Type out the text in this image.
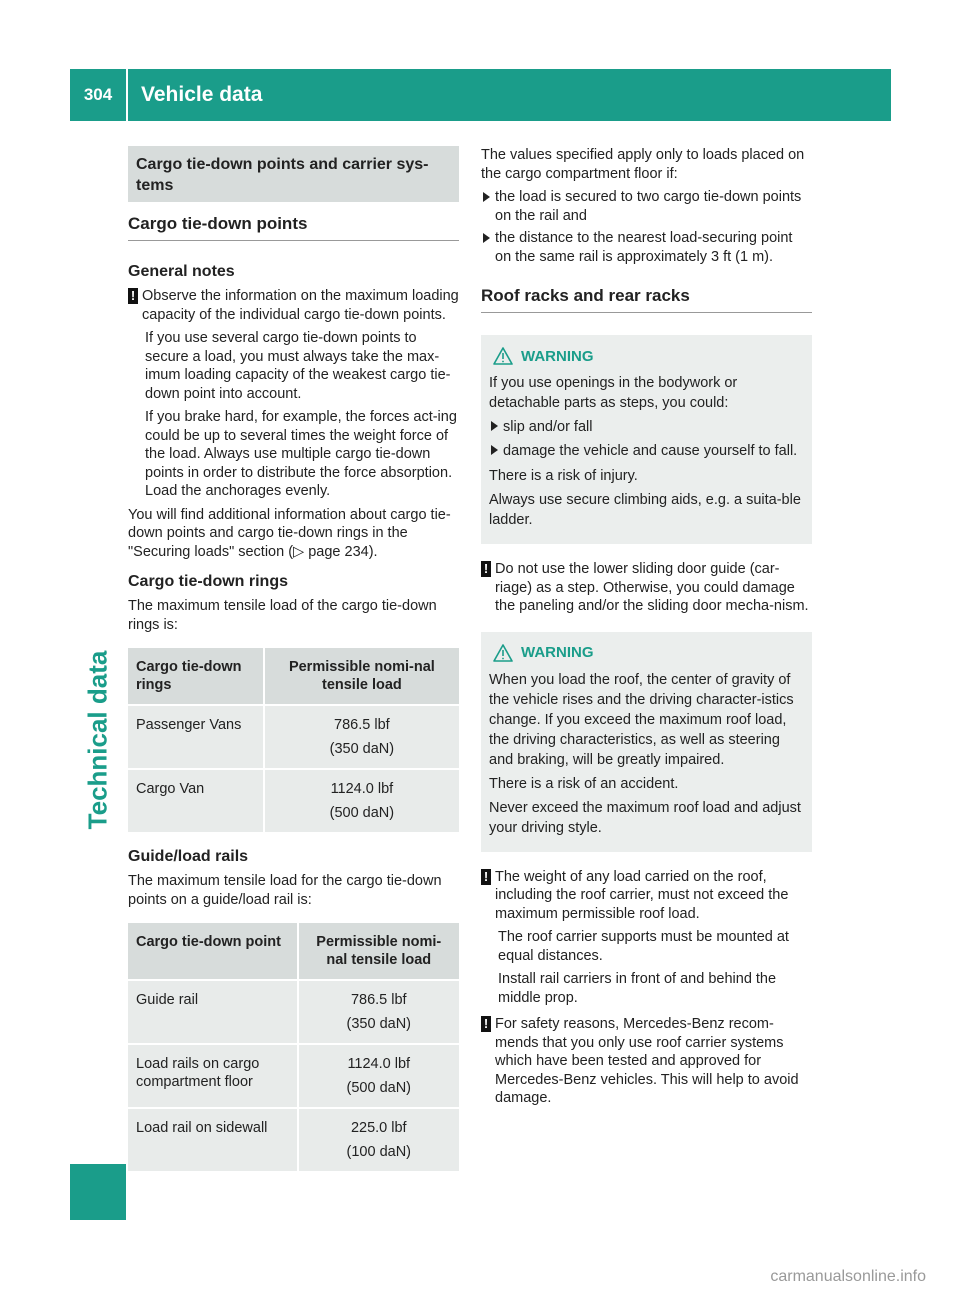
304	Vehicle data
Technical data
Cargo tie-down points and carrier sys-tems
Cargo tie-down points
General notes
! Observe the information on the maximum loading capacity of the individual cargo tie-down points.

If you use several cargo tie-down points to secure a load, you must always take the max-imum loading capacity of the weakest cargo tie-down point into account.

If you brake hard, for example, the forces act-ing could be up to several times the weight force of the load. Always use multiple cargo tie-down points in order to distribute the force absorption. Load the anchorages evenly.

You will find additional information about cargo tie-down points and cargo tie-down rings in the "Securing loads" section (▷ page 234).

Cargo tie-down rings

The maximum tensile load of the cargo tie-down rings is:

Cargo tie-down rings	Permissible nomi-nal tensile load
Passenger Vans	786.5 lbf
(350 daN)

Cargo Van	1124.0 lbf
(500 daN)
Guide/load rails

The maximum tensile load for the cargo tie-down points on a guide/load rail is:

Cargo tie-down point	Permissible nomi-nal tensile load
Guide rail	786.5 lbf
(350 daN)

Load rails on cargo compartment floor	1124.0 lbf
(500 daN)

Load rail on sidewall	225.0 lbf
(100 daN)

The values specified apply only to loads placed on the cargo compartment floor if:

the load is secured to two cargo tie-down points on the rail and
the distance to the nearest load-securing point on the same rail is approximately 3 ft (1 m).
Roof racks and rear racks
WARNING

If you use openings in the bodywork or detachable parts as steps, you could:

slip and/or fall
damage the vehicle and cause yourself to fall.

There is a risk of injury.

Always use secure climbing aids, e.g. a suita-ble ladder.

! Do not use the lower sliding door guide (car-riage) as a step. Otherwise, you could damage the paneling and/or the sliding door mecha-nism.
WARNING

When you load the roof, the center of gravity of the vehicle rises and the driving character-istics change. If you exceed the maximum roof load, the driving characteristics, as well as steering and braking, will be greatly impaired.

There is a risk of an accident.

Never exceed the maximum roof load and adjust your driving style.

! The weight of any load carried on the roof, including the roof carrier, must not exceed the maximum permissible roof load.

The roof carrier supports must be mounted at equal distances.

Install rail carriers in front of and behind the middle prop.

! For safety reasons, Mercedes-Benz recom-mends that you only use roof carrier systems which have been tested and approved for Mercedes-Benz vehicles. This will help to avoid damage.
carmanualsonline.info
